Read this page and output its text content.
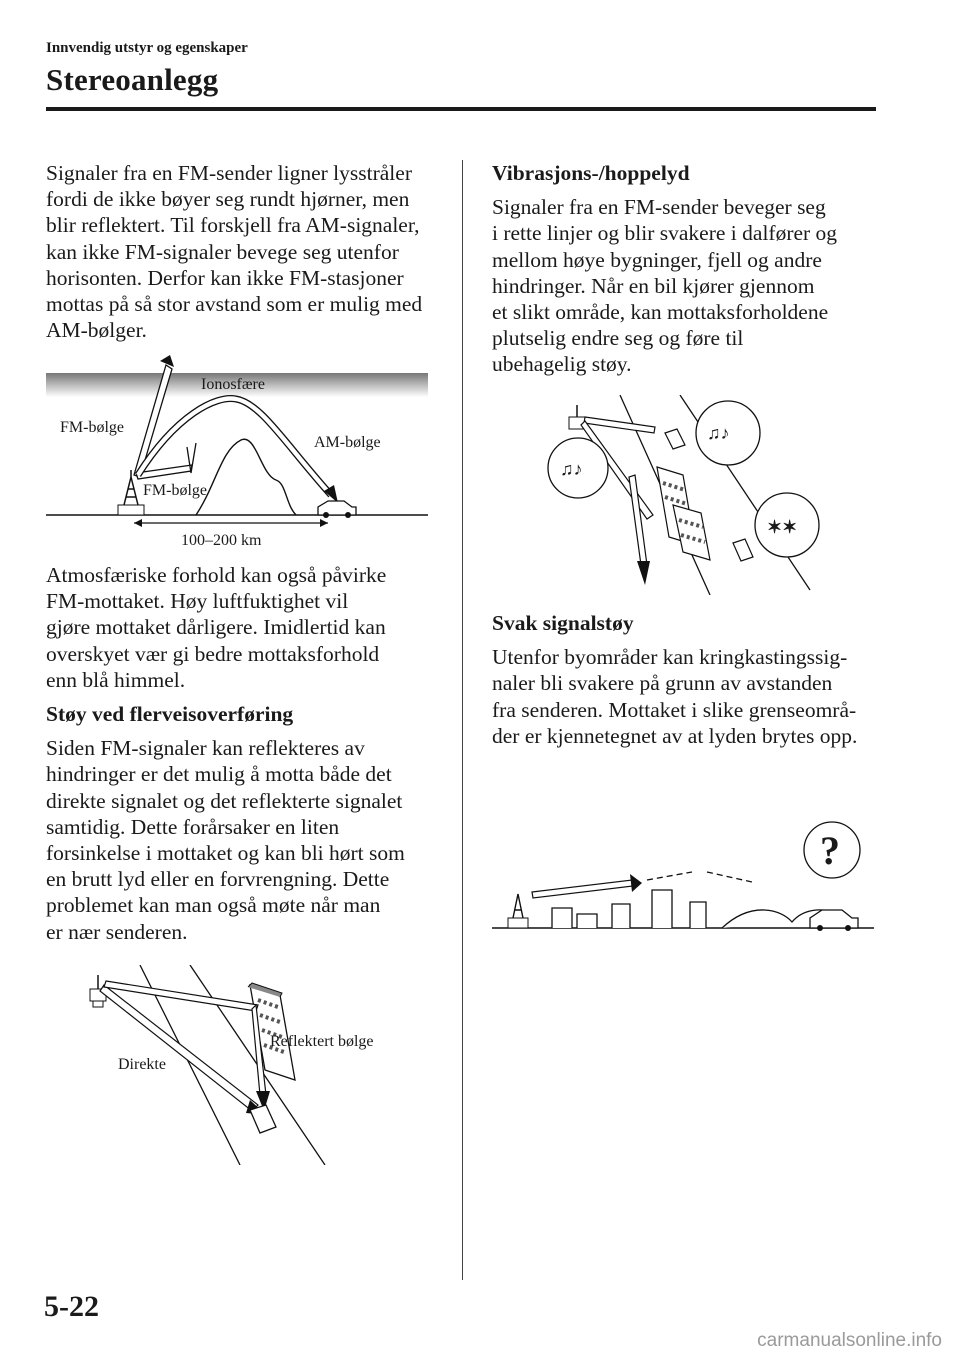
Innvendig utstyr og egenskaper
Stereoanlegg

Signaler fra en FM-sender ligner lysstråler
fordi de ikke bøyer seg rundt hjørner, men
blir reflektert. Til forskjell fra AM-signaler,
kan ikke FM-signaler bevege seg utenfor
horisonten. Derfor kan ikke FM-stasjoner
mottas på så stor avstand som er mulig med
AM-bølger.

Ionosfære
FM-bølge
FM-bølge
AM-bølge
100–200 km

Atmosfæriske forhold kan også påvirke
FM-mottaket. Høy luftfuktighet vil
gjøre mottaket dårligere. Imidlertid kan
overskyet vær gi bedre mottaksforhold
enn blå himmel.

Støy ved flerveisoverføring

Siden FM-signaler kan reflekteres av
hindringer er det mulig å motta både det
direkte signalet og det reflekterte signalet
samtidig. Dette forårsaker en liten
forsinkelse i mottaket og kan bli hørt som
en brutt lyd eller en forvrengning. Dette
problemet kan man også møte når man
er nær senderen.

Direkte
Reflektert bølge
Vibrasjons-/hoppelyd

Signaler fra en FM-sender beveger seg
i rette linjer og blir svakere i dalfører og
mellom høye bygninger, fjell og andre
hindringer. Når en bil kjører gjennom
et slikt område, kan mottaksforholdene
plutselig endre seg og føre til
ubehagelig støy.

♫♪
♫♪
✶✶
Svak signalstøy

Utenfor byområder kan kringkastingssig-
naler bli svakere på grunn av avstanden
fra senderen. Mottaket i slike grenseområ-
der er kjennetegnet av at lyden brytes opp.

?
5-22
carmanualsonline.info
